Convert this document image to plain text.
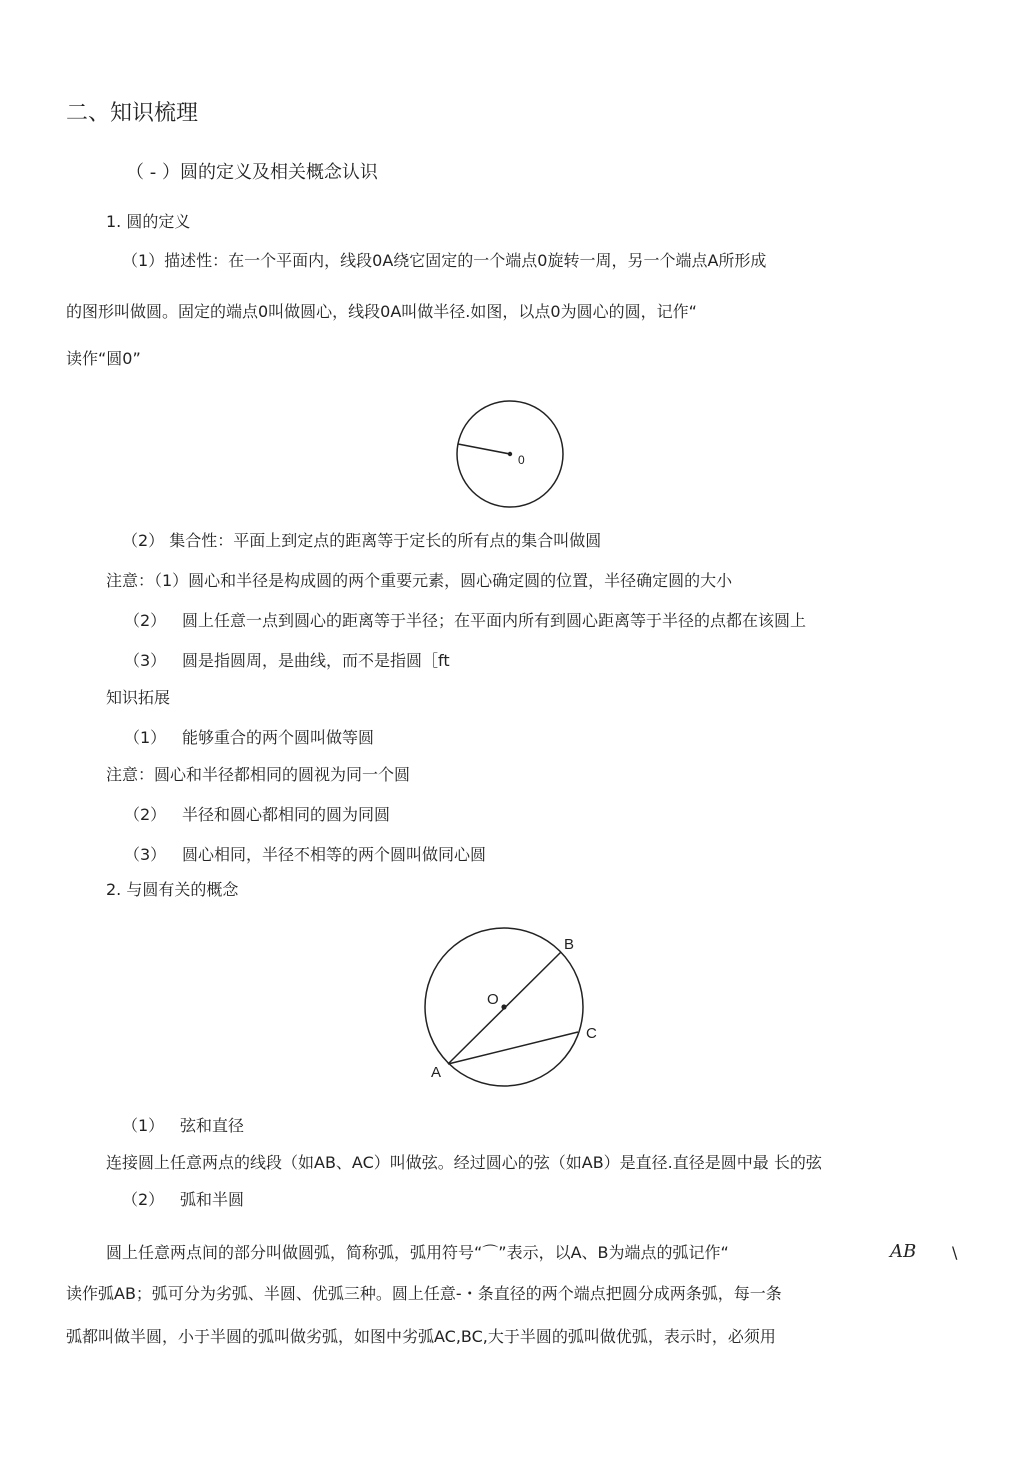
二、知识梳理
（ - ）圆的定义及相关概念认识
1. 圆的定义
（1）描述性：在一个平面内，线段0A绕它固定的一个端点0旋转一周，另一个端点A所形成
的图形叫做圆。固定的端点0叫做圆心，线段0A叫做半径.如图，以点0为圆心的圆，记作“
读作“圆0”
0
（2） 集合性：平面上到定点的距离等于定长的所有点的集合叫做圆
注意：（1）圆心和半径是构成圆的两个重要元素，圆心确定圆的位置，半径确定圆的大小
（2） 圆上任意一点到圆心的距离等于半径；在平面内所有到圆心距离等于半径的点都在该圆上
（3） 圆是指圆周，是曲线，而不是指圆［ft
知识拓展
（1） 能够重合的两个圆叫做等圆
注意：圆心和半径都相同的圆视为同一个圆
（2） 半径和圆心都相同的圆为同圆
（3） 圆心相同，半径不相等的两个圆叫做同心圆
2. 与圆有关的概念
B
O
C
A
（1） 弦和直径
连接圆上任意两点的线段（如AB、AC）叫做弦。经过圆心的弦（如AB）是直径.直径是圆中最 长的弦
（2） 弧和半圆
圆上任意两点间的部分叫做圆弧，简称弧，弧用符号“⌒”表示，以A、B为端点的弧记作“	AB \
读作弧AB；弧可分为劣弧、半圆、优弧三种。圆上任意-・条直径的两个端点把圆分成两条弧，每一条
弧都叫做半圆，小于半圆的弧叫做劣弧，如图中劣弧AC,BC,大于半圆的弧叫做优弧，表示时，必须用
